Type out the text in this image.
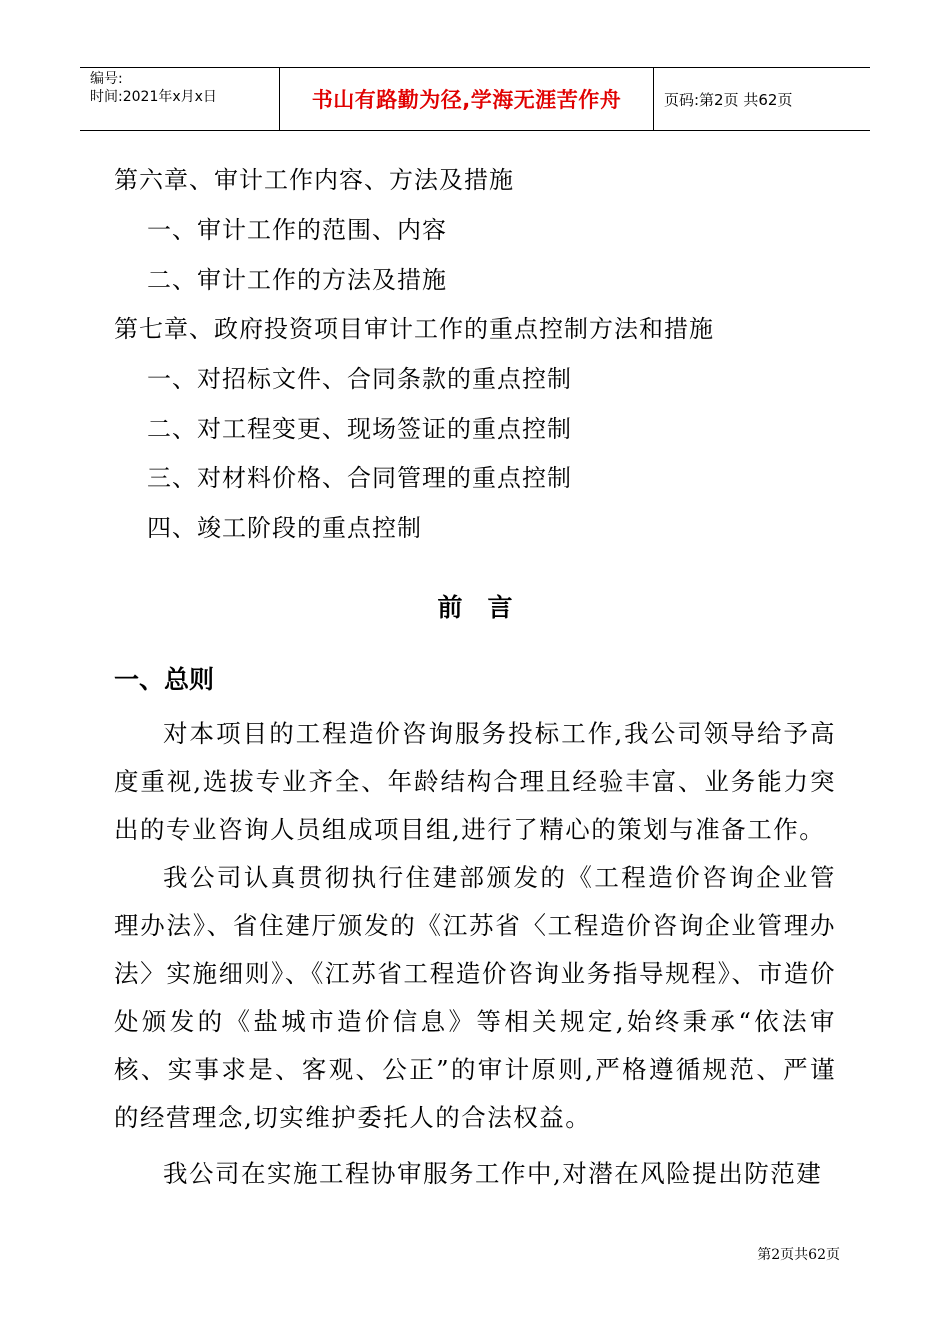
编号:
时间:2021年x月x日	书山有路勤为径,学海无涯苦作舟	页码:第2页 共62页
第六章、审计工作内容、方法及措施
一、审计工作的范围、内容
二、审计工作的方法及措施
第七章、政府投资项目审计工作的重点控制方法和措施
一、对招标文件、合同条款的重点控制
二、对工程变更、现场签证的重点控制
三、对材料价格、合同管理的重点控制
四、竣工阶段的重点控制
前　言
一、总则

对本项目的工程造价咨询服务投标工作,我公司领导给予高度重视,选拔专业齐全、年龄结构合理且经验丰富、业务能力突出的专业咨询人员组成项目组,进行了精心的策划与准备工作。

我公司认真贯彻执行住建部颁发的《工程造价咨询企业管理办法》、省住建厅颁发的《江苏省〈工程造价咨询企业管理办法〉实施细则》、《江苏省工程造价咨询业务指导规程》、市造价处颁发的《盐城市造价信息》等相关规定,始终秉承“依法审核、实事求是、客观、公正”的审计原则,严格遵循规范、严谨的经营理念,切实维护委托人的合法权益。

我公司在实施工程协审服务工作中,对潜在风险提出防范建

第2页共62页
